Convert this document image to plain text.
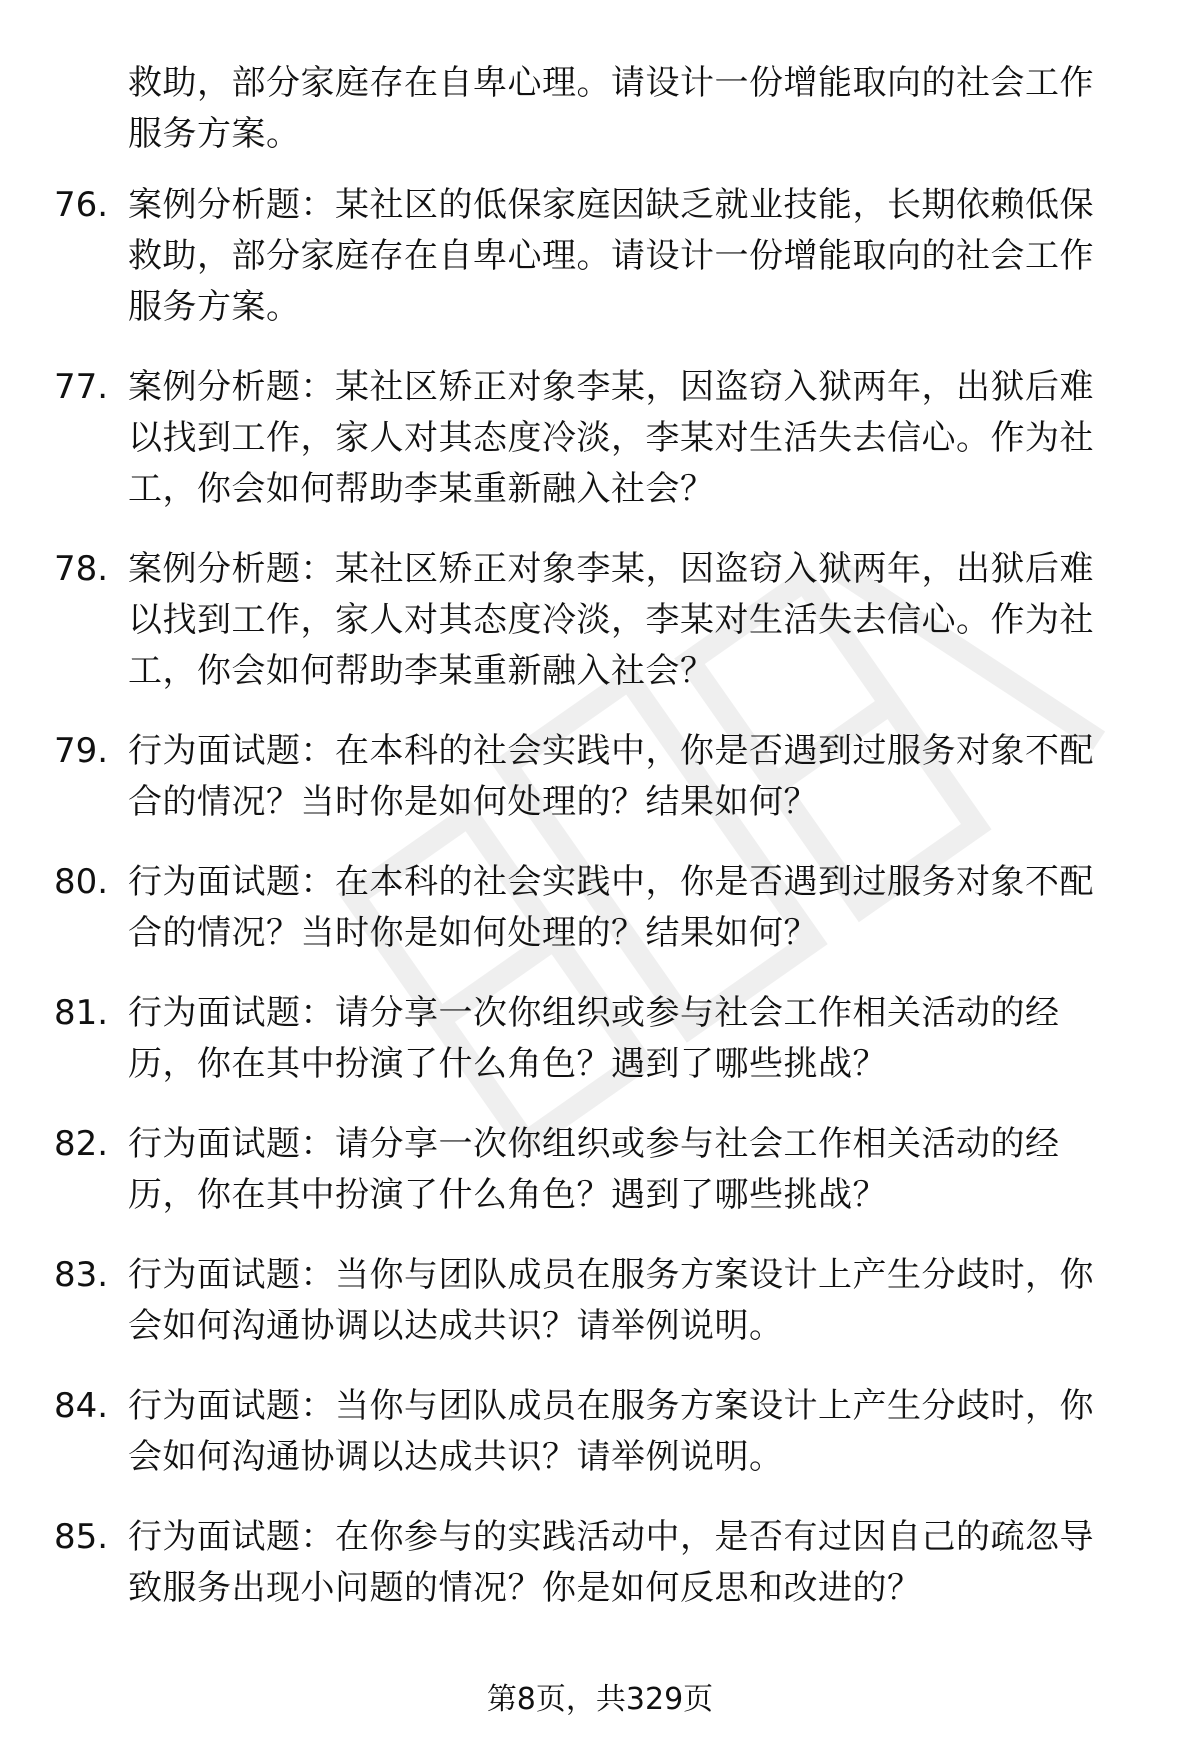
救助，部分家庭存在自卑心理。请设计一份增能取向的社会工作
服务方案。
76. 案例分析题：某社区的低保家庭因缺乏就业技能，长期依赖低保
救助，部分家庭存在自卑心理。请设计一份增能取向的社会工作
服务方案。
77. 案例分析题：某社区矫正对象李某，因盗窃入狱两年，出狱后难
以找到工作，家人对其态度冷淡，李某对生活失去信心。作为社
工，你会如何帮助李某重新融入社会？
78. 案例分析题：某社区矫正对象李某，因盗窃入狱两年，出狱后难
以找到工作，家人对其态度冷淡，李某对生活失去信心。作为社
工，你会如何帮助李某重新融入社会？
79. 行为面试题：在本科的社会实践中，你是否遇到过服务对象不配
合的情况？当时你是如何处理的？结果如何？
80. 行为面试题：在本科的社会实践中，你是否遇到过服务对象不配
合的情况？当时你是如何处理的？结果如何？
81. 行为面试题：请分享一次你组织或参与社会工作相关活动的经
历，你在其中扮演了什么角色？遇到了哪些挑战？
82. 行为面试题：请分享一次你组织或参与社会工作相关活动的经
历，你在其中扮演了什么角色？遇到了哪些挑战？
83. 行为面试题：当你与团队成员在服务方案设计上产生分歧时，你
会如何沟通协调以达成共识？请举例说明。
84. 行为面试题：当你与团队成员在服务方案设计上产生分歧时，你
会如何沟通协调以达成共识？请举例说明。
85. 行为面试题：在你参与的实践活动中，是否有过因自己的疏忽导
致服务出现小问题的情况？你是如何反思和改进的？
第8页，共329页
